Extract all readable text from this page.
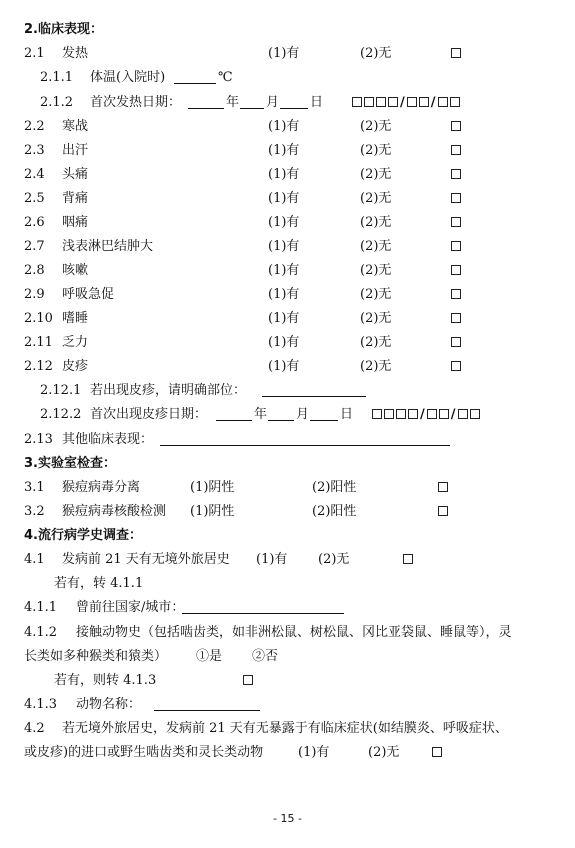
2.临床表现：
2.1 发热	(1)有	(2)无
2.1.1 体温(入院时)	℃
2.1.2 首次发热日期：	年 月 日	/ /
2.2 寒战	(1)有	(2)无
2.3 出汗	(1)有	(2)无
2.4 头痛	(1)有	(2)无
2.5 背痛	(1)有	(2)无
2.6 咽痛	(1)有	(2)无
2.7 浅表淋巴结肿大	(1)有	(2)无
2.8 咳嗽	(1)有	(2)无
2.9 呼吸急促	(1)有	(2)无
2.10 嗜睡	(1)有	(2)无
2.11 乏力	(1)有	(2)无
2.12 皮疹	(1)有	(2)无
2.12.1 若出现皮疹，请明确部位：
2.12.2 首次出现皮疹日期：	年 月 日	/ /
2.13 其他临床表现：
3.实验室检查：
3.1 猴痘病毒分离	(1)阴性	(2)阳性
3.2 猴痘病毒核酸检测 (1)阴性	(2)阳性
4.流行病学史调查：
4.1 发病前 21 天有无境外旅居史 (1)有 (2)无
若有，转 4.1.1
4.1.1 曾前往国家/城市：
4.1.2 接触动物史（包括啮齿类，如非洲松鼠、树松鼠、冈比亚袋鼠、睡鼠等），灵
长类如多种猴类和猿类） ①是 ②否
若有，则转 4.1.3
4.1.3 动物名称：
4.2 若无境外旅居史，发病前 21 天有无暴露于有临床症状(如结膜炎、呼吸症状、
或皮疹)的进口或野生啮齿类和灵长类动物	(1)有	(2)无
- 15 -
